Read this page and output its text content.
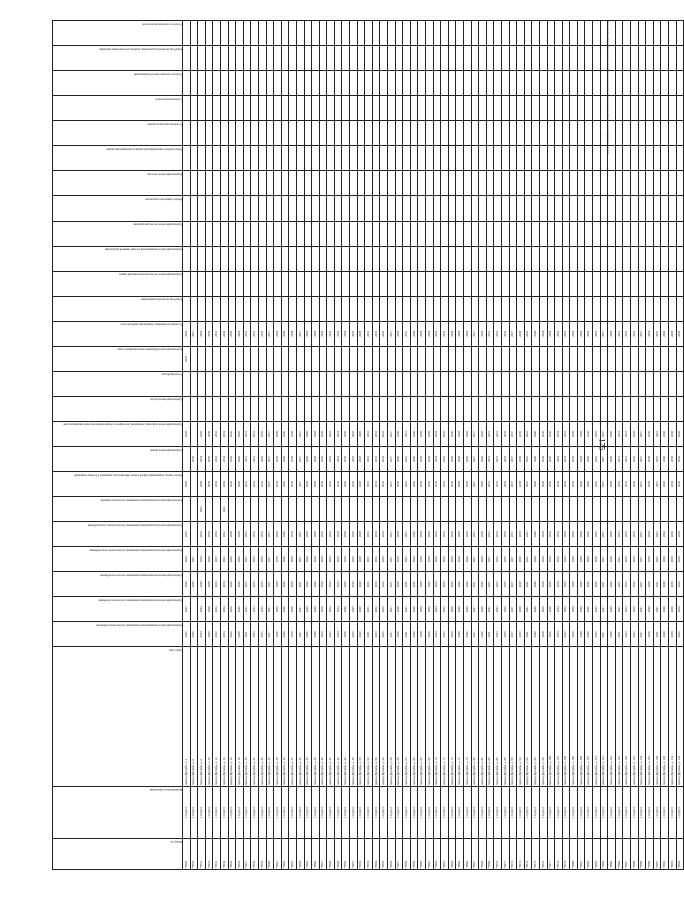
175
Плановый период проведения капитального ремонта общего имущества в многоквартирных домах
Номер п/п	Муниципальное образование	Адрес дома	Капитальный ремонт внутридомовых инженерных систем электроснабжения	Капитальный ремонт внутридомовых инженерных систем теплоснабжения	Капитальный ремонт внутридомовых инженерных систем газоснабжения	Капитальный ремонт внутридомовых инженерных систем горячего водоснабжения	Капитальный ремонт внутридомовых инженерных систем холодного водоснабжения	Капитальный ремонт внутридомовых инженерных систем водоотведения	Ремонт, замена, модернизация лифтов, ремонт лифтовых шахт, машинных и блочных помещений	Капитальный ремонт крыши	Капитальный ремонт подвальных помещений, относящихся к общему имуществу в многоквартирном доме	Капитальный ремонт фасада	Утепление фасада	Капитальный ремонт фундамента многоквартирного дома	Установка коллективных общедомовых приборов учета	Разработка проектной документации	Капитальный ремонт системы противопожарной защиты	Капитальный ремонт внутридомовой системы ливневой канализации	Капитальный ремонт систем дымоудаления	Ремонт (замена) мусоропроводов	Капитальный ремонт отмостки	Переустройство невентилируемой крыши на вентилируемую крышу	Устройство выходов на кровлю	Строительный контроль	Услуги по проверке сметной документации	Разработка проектной документации, включая дополнительные изыскания	Услуги по строительному контролю
75929.	г. Сургут	проезд Дружбы, д. 4	2025	2025	2024	2025	2025		2025		2035			2035	2025												
75930.	г. Сургут	проезд Дружбы, д. 6	2025		2025	2027				2036					2027												
75931.	г. Сургут	проезд Дружбы, д. 8	2034	2034	2028	2034	2034	2041	2028	2034	2028				2034												
75932.	г. Сургут	проезд Дружбы, д. 10	2030	2030	2030	2030	2030		2030	2030	2030				2030												
75933.	г. Сургут	проезд Дружбы, д. 12	2032	2032	2033	2033	2032		2032	2032	2032				2032												
75934.	г. Сургут	проезд Дружбы, д. 14	2034	2034	2034	2041	2041	2041	2034	2034	2034				2034												
75935.	г. Сургут	проезд Дружбы, д. 16	2036	2036	2036	2036	2036		2036	2036	2036				2036												
75936.	г. Сургут	проезд Дружбы, д. 18	2029	2029	2029	2029	2029		2029	2029	2029				2029												
75937.	г. Сургут	проезд Дружбы, д. 20	2031	2031	2031	2031	2031		2031	2031	2031				2031												
75938.	г. Сургут	проезд Дружбы, д. 22	2033	2033	2033	2033	2033		2033	2033	2033				2033												
75939.	г. Сургут	проезд Дружбы, д. 24	2035	2035	2035	2035	2035		2035	2035	2035				2035												
75940.	г. Сургут	проезд Дружбы, д. 26	2037	2037	2037	2037	2037		2037	2037	2037				2037												
75941.	г. Сургут	проезд Дружбы, д. 28	2039	2039	2039	2039	2039		2039	2039	2039				2039												
75942.	г. Сургут	проезд Дружбы, д. 30	2040	2040	2040	2040	2040		2040	2040	2040				2040												
75943.	г. Сургут	проезд Дружбы, д. 32	2038	2038	2038	2038	2038		2038	2038	2038				2038												
75944.	г. Сургут	проезд Дружбы, д. 34	2027	2027	2027	2027	2027		2027	2027	2027				2027												
75945.	г. Сургут	проезд Дружбы, д. 36	2026	2026	2026	2026	2026		2026	2026	2026				2026												
75946.	г. Сургут	проезд Дружбы, д. 38	2028	2028	2028	2028	2028		2028	2028	2028				2028												
75947.	г. Сургут	проезд Дружбы, д. 40	2030	2030	2030	2030	2030		2030	2030	2030				2030												
75948.	г. Сургут	проезд Дружбы, д. 42	2032	2032	2032	2032	2032		2032	2032	2032				2032												
75949.	г. Сургут	проезд Дружбы, д. 44	2034	2034	2034	2034	2034		2034	2034	2034				2034												
75950.	г. Сургут	проезд Дружбы, д. 46	2036	2036	2036	2036	2036		2036	2036	2036				2036												
75951.	г. Сургут	проезд Дружбы, д. 48	2025	2025	2025	2025	2025		2025	2025	2025				2025												
75952.	г. Сургут	проезд Дружбы, д. 50	2029	2029	2029	2029	2029		2029	2029	2029				2029												
75953.	г. Сургут	проезд Дружбы, д. 52	2031	2031	2031	2031	2031		2031	2031	2031				2031												
75954.	г. Сургут	проезд Дружбы, д. 54	2033	2033	2033	2033	2033		2033	2033	2033				2033												
75955.	г. Сургут	проезд Дружбы, д. 56	2035	2035	2035	2035	2035		2035	2035	2035				2035												
75956.	г. Сургут	проезд Дружбы, д. 58	2037	2037	2037	2037	2037		2037	2037	2037				2037												
75957.	г. Сургут	проезд Дружбы, д. 60	2039	2039	2039	2039	2039		2039	2039	2039				2039												
75958.	г. Сургут	проезд Дружбы, д. 62	2041	2041	2041	2041	2041		2041	2041	2041				2041												
75959.	г. Сургут	проезд Дружбы, д. 64	2040	2040	2040	2040	2040		2040	2040	2040				2040												
75960.	г. Сургут	проезд Дружбы, д. 66	2038	2038	2038	2038	2038		2038	2038	2038				2038												
75961.	г. Сургут	проезд Дружбы, д. 68	2036	2036	2036	2036	2036		2036	2036	2036				2036												
75962.	г. Сургут	проезд Дружбы, д. 70	2034	2034	2034	2034	2034		2034	2034	2034				2034												
75963.	г. Сургут	проезд Дружбы, д. 72	2032	2032	2032	2032	2032		2032	2032	2032				2032												
75964.	г. Сургут	проезд Дружбы, д. 74	2030	2030	2030	2030	2030		2030	2030	2030				2030												
75965.	г. Сургут	проезд Дружбы, д. 76	2028	2028	2028	2028	2028		2028	2028	2028				2028												
75966.	г. Сургут	проезд Дружбы, д. 78	2026	2026	2026	2026	2026		2026	2026	2026				2026												
75967.	г. Сургут	проезд Дружбы, д. 80	2027	2027	2027	2027	2027		2027	2027	2027				2027												
75968.	г. Сургут	проезд Дружбы, д. 82	2029	2029	2029	2029	2029		2029	2029	2029				2029												
75969.	г. Сургут	проезд Дружбы, д. 84	2031	2031	2031	2031	2031		2031	2031	2031				2031												
75970.	г. Сургут	проезд Дружбы, д. 86	2033	2033	2033	2033	2033		2033	2033	2033				2033												
75971.	г. Сургут	проезд Дружбы, д. 88	2035	2035	2035	2035	2035		2035	2035	2035				2035												
75972.	г. Сургут	проезд Дружбы, д. 90	2037	2037	2037	2037	2037		2037	2037	2037				2037												
75973.	г. Сургут	проезд Дружбы, д. 92	2039	2039	2039	2039	2039		2039	2039	2039				2039												
75974.	г. Сургут	проезд Дружбы, д. 94	2041	2041	2041	2041	2041		2041	2041	2041				2041												
75975.	г. Сургут	проезд Дружбы, д. 96	2040	2040	2040	2040	2040		2040	2040	2040				2040												
75976.	г. Сургут	проезд Дружбы, д. 98	2038	2038	2038	2038	2038		2038	2038	2038				2038												
75977.	г. Сургут	проезд Дружбы, д. 100	2036	2036	2036	2036	2036		2036	2036	2036				2036												
75978.	г. Сургут	проезд Дружбы, д. 102	2034	2034	2034	2034	2034		2034	2034	2034				2034												
75979.	г. Сургут	проезд Дружбы, д. 104	2032	2032	2032	2032	2032		2032	2032	2032				2032												
75980.	г. Сургут	проезд Дружбы, д. 106	2030	2030	2030	2030	2030		2030	2030	2030				2030												
75981.	г. Сургут	проезд Дружбы, д. 108	2028	2028	2028	2028	2028		2028	2028	2028				2028												
75982.	г. Сургут	проезд Дружбы, д. 110	2026	2026	2026	2026	2026		2026	2026	2026				2026												
75983.	г. Сургут	проезд Дружбы, д. 112	2025	2025	2025	2025	2025		2025	2025	2025				2025												
75984.	г. Сургут	проезд Дружбы, д. 114	2027	2027	2027	2027	2027		2027	2027	2027				2027												
75985.	г. Сургут	проезд Дружбы, д. 116	2029	2029	2029	2029	2029		2029	2029	2029				2029												
75986.	г. Сургут	проезд Дружбы, д. 118	2031	2031	2031	2031	2031		2031	2031	2031				2031												
75987.	г. Сургут	проезд Дружбы, д. 120	2033	2033	2033	2033	2033		2033	2033	2033				2033												
75988.	г. Сургут	проезд Дружбы, д. 122	2035	2035	2035	2035	2035		2035	2035	2035				2035												
75989.	г. Сургут	проезд Дружбы, д. 124	2037	2037	2037	2037	2037		2037	2037	2037				2037												
75990.	г. Сургут	проезд Дружбы, д. 126	2039	2039	2039	2039	2039		2039	2039	2039				2039												
75991.	г. Сургут	проезд Дружбы, д. 128	2041	2041	2041	2041	2041		2041	2041	2041				2041												
75992.	г. Сургут	проезд Дружбы, д. 130	2040	2040	2040	2040	2040		2040	2040	2040				2040												
75993.	г. Сургут	проезд Дружбы, д. 132	2038	2038	2038	2038	2038		2038	2038	2038				2038												
75994.	г. Сургут	проезд Дружбы, д. 134	2036	2036	2036	2036	2036		2036	2036	2036				2036												
